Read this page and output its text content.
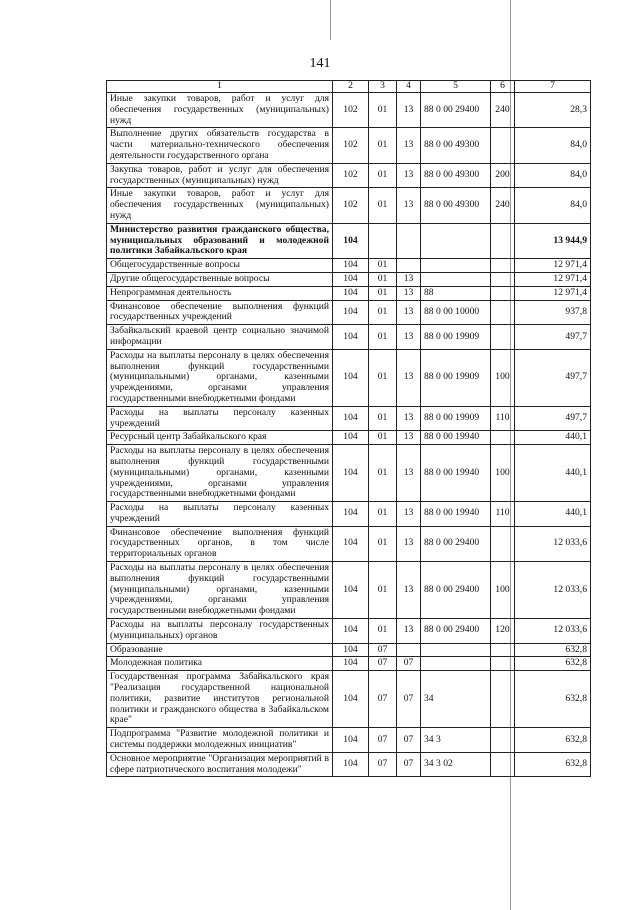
141
1	2	3	4	5	6	7
Иные закупки товаров, работ и услуг для обеспечения государственных (муниципальных) нужд	102	01	13	88 0 00 29400	240	28,3
Выполнение других обязательств государства в части материально-технического обеспечения деятельности государственного органа	102	01	13	88 0 00 49300		84,0
Закупка товаров, работ и услуг для обеспечения государственных (муниципальных) нужд	102	01	13	88 0 00 49300	200	84,0
Иные закупки товаров, работ и услуг для обеспечения государственных (муниципальных) нужд	102	01	13	88 0 00 49300	240	84,0
Министерство развития гражданского общества, муниципальных образований и молодежной политики Забайкальского края	104					13 944,9
Общегосударственные вопросы	104	01				12 971,4
Другие общегосударственные вопросы	104	01	13			12 971,4
Непрограммная деятельность	104	01	13	88		12 971,4
Финансовое обеспечение выполнения функций государственных учреждений	104	01	13	88 0 00 10000		937,8
Забайкальский краевой центр социально значимой информации	104	01	13	88 0 00 19909		497,7
Расходы на выплаты персоналу в целях обеспечения выполнения функций государственными (муниципальными) органами, казенными учреждениями, органами управления государственными внебюджетными фондами	104	01	13	88 0 00 19909	100	497,7
Расходы на выплаты персоналу казенных учреждений	104	01	13	88 0 00 19909	110	497,7
Ресурсный центр Забайкальского края	104	01	13	88 0 00 19940		440,1
Расходы на выплаты персоналу в целях обеспечения выполнения функций государственными (муниципальными) органами, казенными учреждениями, органами управления государственными внебюджетными фондами	104	01	13	88 0 00 19940	100	440,1
Расходы на выплаты персоналу казенных учреждений	104	01	13	88 0 00 19940	110	440,1
Финансовое обеспечение выполнения функций государственных органов, в том числе территориальных органов	104	01	13	88 0 00 29400		12 033,6
Расходы на выплаты персоналу в целях обеспечения выполнения функций государственными (муниципальными) органами, казенными учреждениями, органами управления государственными внебюджетными фондами	104	01	13	88 0 00 29400	100	12 033,6
Расходы на выплаты персоналу государственных (муниципальных) органов	104	01	13	88 0 00 29400	120	12 033,6
Образование	104	07				632,8
Молодежная политика	104	07	07			632,8
Государственная программа Забайкальского края "Реализация государственной национальной политики, развитие институтов региональной политики и гражданского общества в Забайкальском крае"	104	07	07	34		632,8
Подпрограмма "Развитие молодежной политики и системы поддержки молодежных инициатив"	104	07	07	34 3		632,8
Основное мероприятие "Организация мероприятий в сфере патриотического воспитания молодежи"	104	07	07	34 3 02		632,8
